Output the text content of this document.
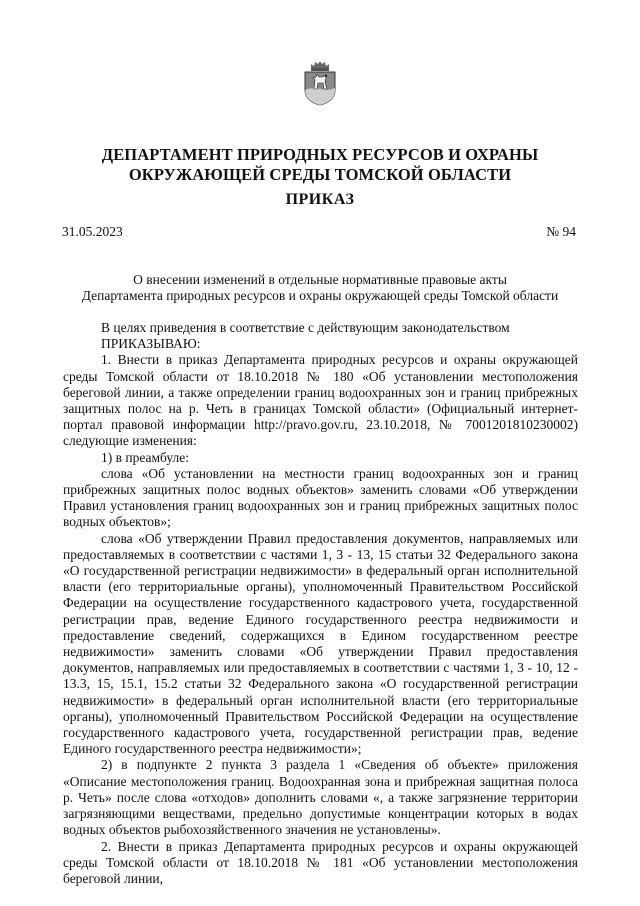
ДЕПАРТАМЕНТ ПРИРОДНЫХ РЕСУРСОВ И ОХРАНЫ
ОКРУЖАЮЩЕЙ СРЕДЫ ТОМСКОЙ ОБЛАСТИ
ПРИКАЗ
31.05.2023	№ 94
О внесении изменений в отдельные нормативные правовые акты
Департамента природных ресурсов и охраны окружающей среды Томской области

В целях приведения в соответствие с действующим законодательством

ПРИКАЗЫВАЮ:

1. Внести в приказ Департамента природных ресурсов и охраны окружающей среды Томской области от 18.10.2018 № 180 «Об установлении местоположения береговой линии, а также определении границ водоохранных зон и границ прибрежных защитных полос на р. Четь в границах Томской области» (Официальный интернет-портал правовой информации http://pravo.gov.ru, 23.10.2018, № 7001201810230002) следующие изменения:

1) в преамбуле:

слова «Об установлении на местности границ водоохранных зон и границ прибрежных защитных полос водных объектов» заменить словами «Об утверждении Правил установления границ водоохранных зон и границ прибрежных защитных полос водных объектов»;

слова «Об утверждении Правил предоставления документов, направляемых или предоставляемых в соответствии с частями 1, 3 - 13, 15 статьи 32 Федерального закона «О государственной регистрации недвижимости» в федеральный орган исполнительной власти (его территориальные органы), уполномоченный Правительством Российской Федерации на осуществление государственного кадастрового учета, государственной регистрации прав, ведение Единого государственного реестра недвижимости и предоставление сведений, содержащихся в Едином государственном реестре недвижимости» заменить словами «Об утверждении Правил предоставления документов, направляемых или предоставляемых в соответствии с частями 1, 3 - 10, 12 - 13.3, 15, 15.1, 15.2 статьи 32 Федерального закона «О государственной регистрации недвижимости» в федеральный орган исполнительной власти (его территориальные органы), уполномоченный Правительством Российской Федерации на осуществление государственного кадастрового учета, государственной регистрации прав, ведение Единого государственного реестра недвижимости»;

2) в подпункте 2 пункта 3 раздела 1 «Сведения об объекте» приложения «Описание местоположения границ. Водоохранная зона и прибрежная защитная полоса р. Четь» после слова «отходов» дополнить словами «, а также загрязнение территории загрязняющими веществами, предельно допустимые концентрации которых в водах водных объектов рыбохозяйственного значения не установлены».

2. Внести в приказ Департамента природных ресурсов и охраны окружающей среды Томской области от 18.10.2018 № 181 «Об установлении местоположения береговой линии,
